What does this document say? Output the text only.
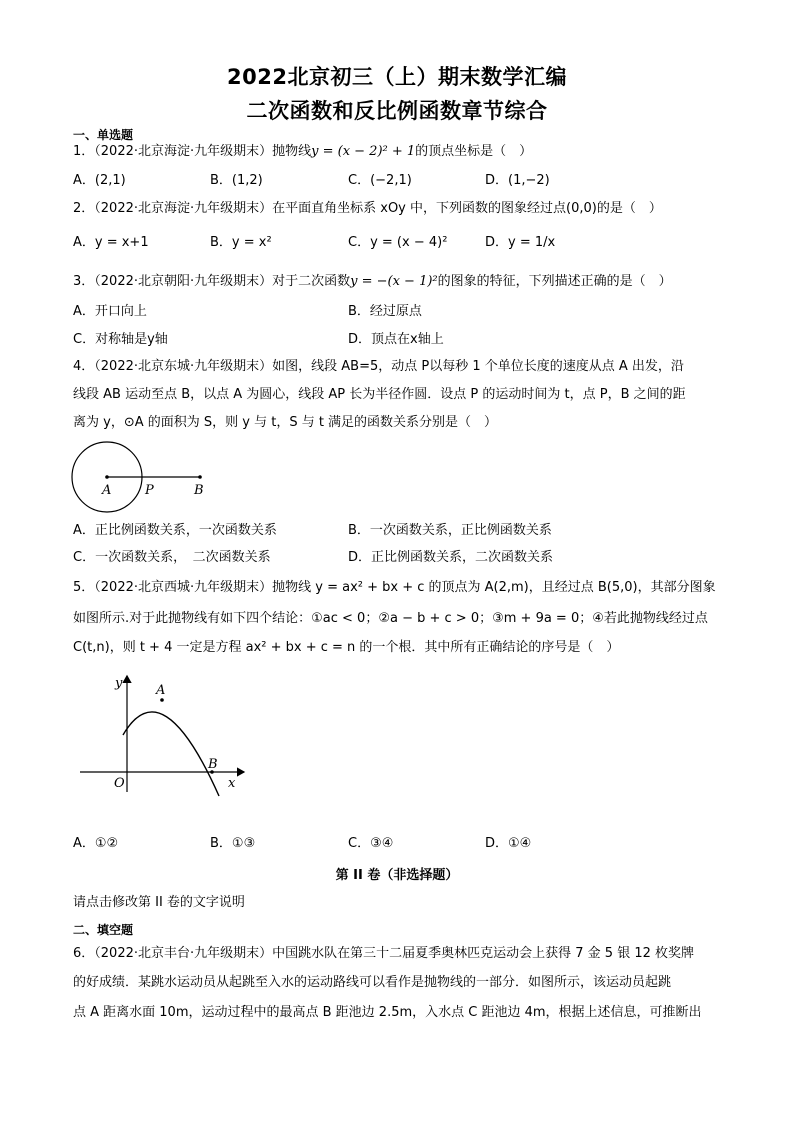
2022北京初三（上）期末数学汇编
二次函数和反比例函数章节综合
一、单选题
1．（2022·北京海淀·九年级期末）抛物线y = (x − 2)² + 1的顶点坐标是（　）
A．(2,1)	B．(1,2)	C．(−2,1)	D．(1,−2)
2．（2022·北京海淀·九年级期末）在平面直角坐标系 xOy 中，下列函数的图象经过点(0,0)的是（　）
A．y = x+1	B．y = x²	C．y = (x − 4)²	D．y = 1/x
3．（2022·北京朝阳·九年级期末）对于二次函数y = −(x − 1)²的图象的特征，下列描述正确的是（　）
A．开口向上	B．经过原点
C．对称轴是y轴	D．顶点在x轴上
4．（2022·北京东城·九年级期末）如图，线段 AB=5，动点 P以每秒 1 个单位长度的速度从点 A 出发，沿
线段 AB 运动至点 B，以点 A 为圆心，线段 AP 长为半径作圆．设点 P 的运动时间为 t，点 P，B 之间的距
离为 y，⊙A 的面积为 S，则 y 与 t，S 与 t 满足的函数关系分别是（　）
A	P	B
A．正比例函数关系，一次函数关系	B．一次函数关系，正比例函数关系
C．一次函数关系，　二次函数关系	D．正比例函数关系，二次函数关系
5．（2022·北京西城·九年级期末）抛物线 y = ax² + bx + c 的顶点为 A(2,m)，且经过点 B(5,0)，其部分图象
如图所示.对于此抛物线有如下四个结论：①ac < 0；②a − b + c > 0；③m + 9a = 0；④若此抛物线经过点
C(t,n)，则 t + 4 一定是方程 ax² + bx + c = n 的一个根．其中所有正确结论的序号是（　）
y
x
O
A
B
A．①②	B．①③	C．③④	D．①④
第 II 卷（非选择题）
请点击修改第 II 卷的文字说明
二、填空题
6．（2022·北京丰台·九年级期末）中国跳水队在第三十二届夏季奥林匹克运动会上获得 7 金 5 银 12 枚奖牌
的好成绩．某跳水运动员从起跳至入水的运动路线可以看作是抛物线的一部分．如图所示，该运动员起跳
点 A 距离水面 10m，运动过程中的最高点 B 距池边 2.5m，入水点 C 距池边 4m，根据上述信息，可推断出
